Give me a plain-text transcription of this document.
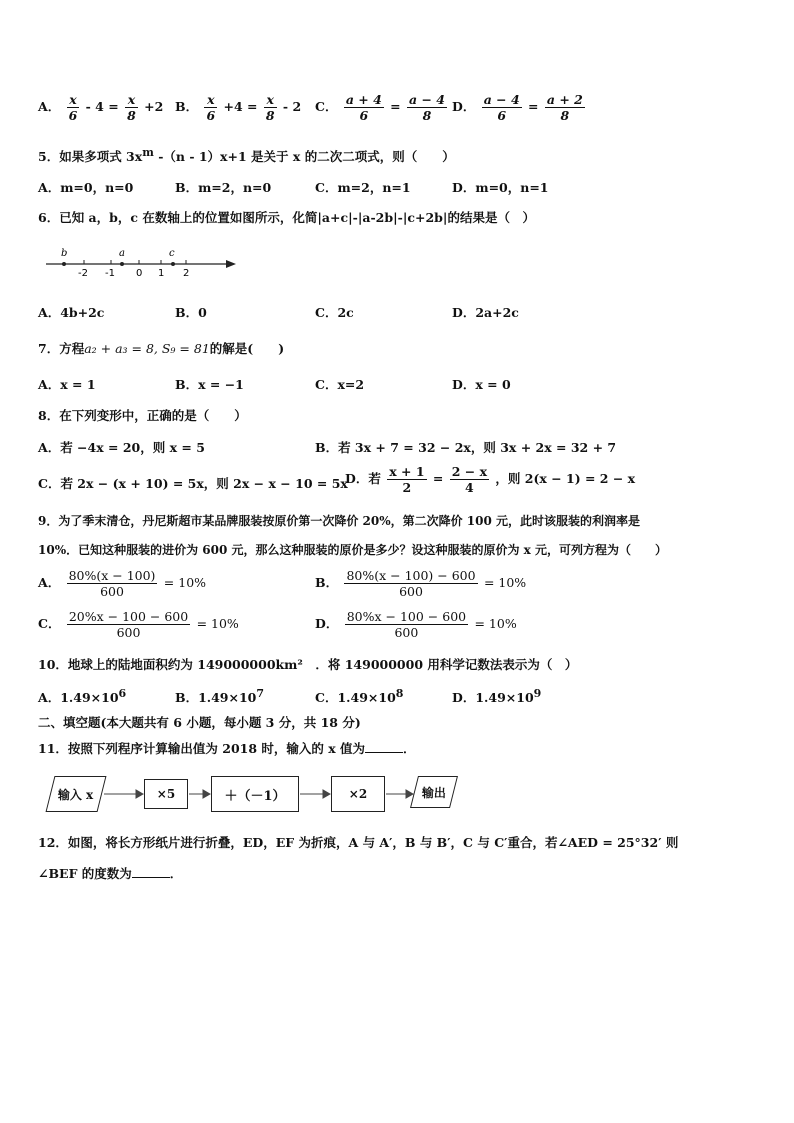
A． $\frac{x}{6} - 4 = \frac{x}{8} +2$ B． $\frac{x}{6} +4 = \frac{x}{8} - 2$ C． $\frac{a + 4}{6} = \frac{a - 4}{8}$ D． $\frac{a - 4}{6} = \frac{a + 2}{8}$
5．如果多项式 $3x^m$ -（n - 1）x+1 是关于 x 的二次二项式，则（　　）
A．m=0，n=0	B．m=2，n=0	C．m=2，n=1	D．m=0，n=1
6．已知 a，b，c 在数轴上的位置如图所示，化简|a+c|-|a-2b|-|c+2b|的结果是（　）
-2 -1 0 1 2
b	a	c
A．4b+2c	B．0	C．2c	D．2a+2c
7．方程a₂ + a₃ = 8, S₉ = 81的解是(　　)
A．x = 1	B．x = −1	C．x=2	D．x = 0
8．在下列变形中，正确的是（　　）
A．若 −4x = 20，则 x = 5	B．若 3x + 7 = 32 − 2x，则 3x + 2x = 32 + 7
C．若 2x − (x + 10) = 5x，则 2x − x − 10 = 5x
D．若 $\frac{x + 1}{2} = \frac{2 - x}{4}$ ，则 2(x − 1) = 2 − x
9．为了季末清仓，丹尼斯超市某品牌服装按原价第一次降价 20%，第二次降价 100 元，此时该服装的利润率是
10%．已知这种服装的进价为 600 元，那么这种服装的原价是多少？设这种服装的原价为 x 元，可列方程为（　　）
A． $\frac{80\%(x - 100)}{600} = 10\%$	B． $\frac{80\%(x - 100) - 600}{600} = 10\%$
C． $\frac{20\%x - 100 - 600}{600} = 10\%$	D． $\frac{80\%x - 100 - 600}{600} = 10\%$
10．地球上的陆地面积约为 149000000km²　．将 149000000 用科学记数法表示为（　）
A．$1.49\times 10^6$	B．$1.49\times 10^7$	C．$1.49\times 10^8$	D．$1.49\times 10^9$
二、填空题(本大题共有 6 小题，每小题 3 分，共 18 分)
11．按照下列程序计算输出值为 2018 时，输入的 x 值为	．
输入 x	×5	＋（－1）	×2	输出
12．如图，将长方形纸片进行折叠，ED，EF 为折痕，A 与 A′，B 与 B′，C 与 C′重合，若∠AED = 25°32′ 则
∠BEF 的度数为	．
